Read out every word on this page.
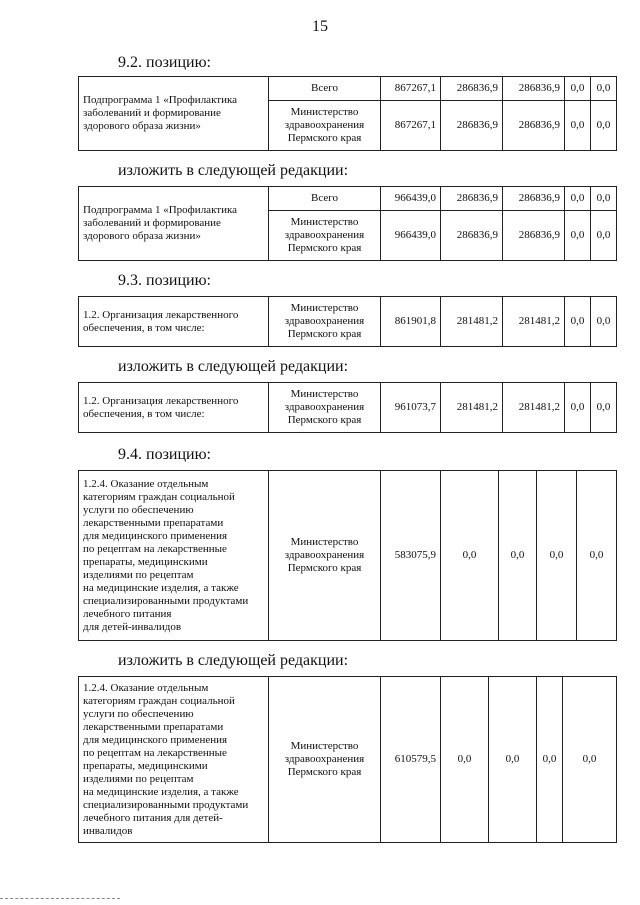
15
9.2. позицию:
Подпрограмма 1 «Профилактика
заболеваний и формирование
здорового образа жизни»	Всего	867267,1	286836,9	286836,9	0,0	0,0
	Министерство
здравоохранения
Пермского края	867267,1	286836,9	286836,9	0,0	0,0
изложить в следующей редакции:
Подпрограмма 1 «Профилактика
заболеваний и формирование
здорового образа жизни»	Всего	966439,0	286836,9	286836,9	0,0	0,0
	Министерство
здравоохранения
Пермского края	966439,0	286836,9	286836,9	0,0	0,0
9.3. позицию:
1.2. Организация лекарственного
обеспечения, в том числе:	Министерство
здравоохранения
Пермского края	861901,8	281481,2	281481,2	0,0	0,0
изложить в следующей редакции:
1.2. Организация лекарственного
обеспечения, в том числе:	Министерство
здравоохранения
Пермского края	961073,7	281481,2	281481,2	0,0	0,0
9.4. позицию:
1.2.4. Оказание отдельным
категориям граждан социальной
услуги по обеспечению
лекарственными препаратами
для медицинского применения
по рецептам на лекарственные
препараты, медицинскими
изделиями по рецептам
на медицинские изделия, а также
специализированными продуктами
лечебного питания
для детей-инвалидов	Министерство
здравоохранения
Пермского края	583075,9	0,0	0,0	0,0	0,0
изложить в следующей редакции:
1.2.4. Оказание отдельным
категориям граждан социальной
услуги по обеспечению
лекарственными препаратами
для медицинского применения
по рецептам на лекарственные
препараты, медицинскими
изделиями по рецептам
на медицинские изделия, а также
специализированными продуктами
лечебного питания для детей-
инвалидов	Министерство
здравоохранения
Пермского края	610579,5	0,0	0,0	0,0	0,0
